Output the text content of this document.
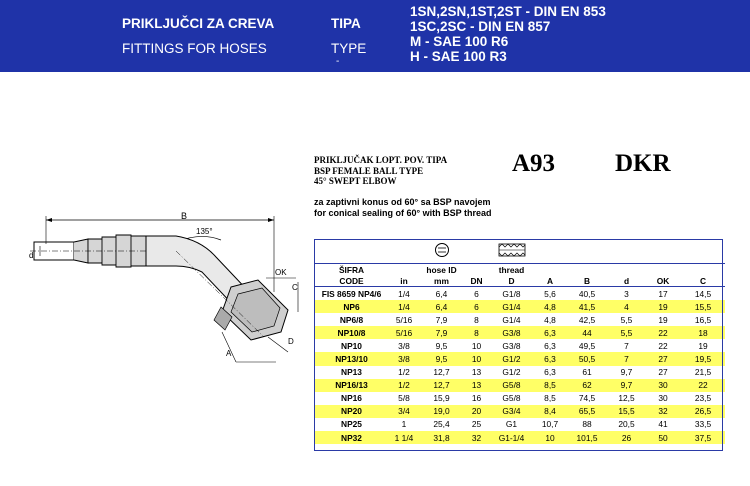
PRIKLJUČCI ZA CREVA
FITTINGS FOR HOSES
TIPA
TYPE
1SN,2SN,1ST,2ST - DIN EN 853
1SC,2SC - DIN EN 857
M - SAE 100 R6
H - SAE 100 R3
-
PRIKLJUČAK LOPT. POV. TIPA
BSP FEMALE BALL TYPE
45° SWEPT ELBOW
A93 DKR
za zaptivni konus od 60° sa BSP navojem
for conical sealing of 60° with BSP thread
B
135°
d
OK
C
D
A

ŠIFRA		hose ID		thread					
CODE	in	mm	DN	D	A	B	d	OK	C
FIS 8659 NP4/6	1/4	6,4	6	G1/8	5,6	40,5	3	17	14,5
NP6	1/4	6,4	6	G1/4	4,8	41,5	4	19	15,5
NP6/8	5/16	7,9	8	G1/4	4,8	42,5	5,5	19	16,5
NP10/8	5/16	7,9	8	G3/8	6,3	44	5,5	22	18
NP10	3/8	9,5	10	G3/8	6,3	49,5	7	22	19
NP13/10	3/8	9,5	10	G1/2	6,3	50,5	7	27	19,5
NP13	1/2	12,7	13	G1/2	6,3	61	9,7	27	21,5
NP16/13	1/2	12,7	13	G5/8	8,5	62	9,7	30	22
NP16	5/8	15,9	16	G5/8	8,5	74,5	12,5	30	23,5
NP20	3/4	19,0	20	G3/4	8,4	65,5	15,5	32	26,5
NP25	1	25,4	25	G1	10,7	88	20,5	41	33,5
NP32	1 1/4	31,8	32	G1-1/4	10	101,5	26	50	37,5
